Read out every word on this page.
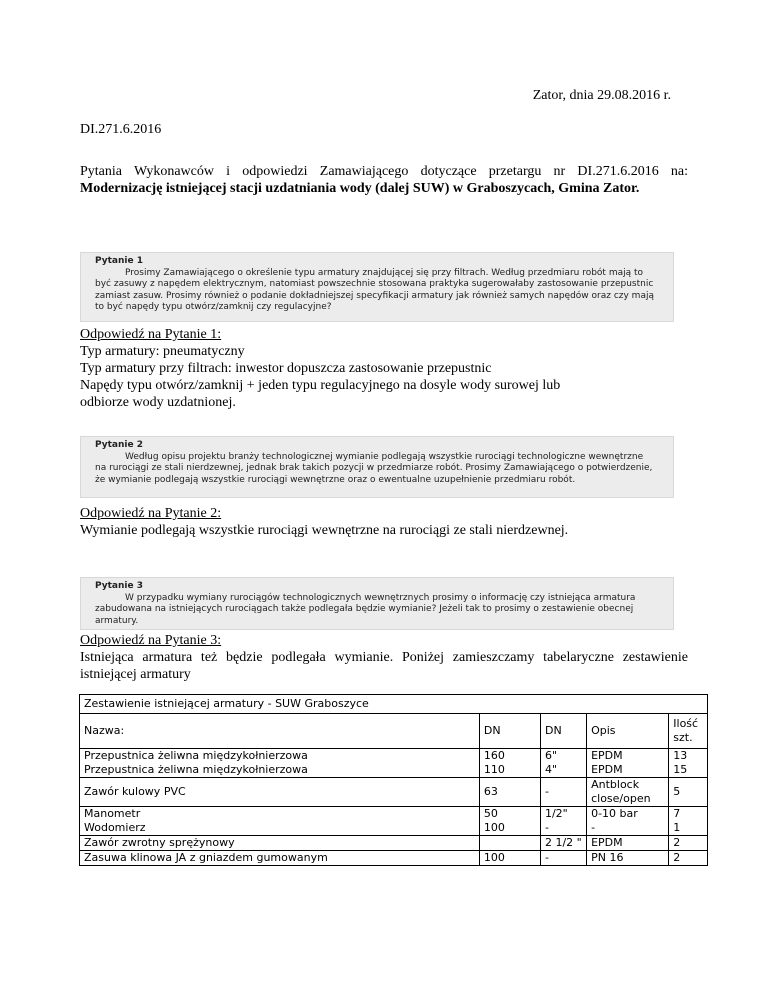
Zator, dnia 29.08.2016 r.
DI.271.6.2016
Pytania Wykonawców i odpowiedzi Zamawiającego dotyczące przetargu nr DI.271.6.2016 na: Modernizację istniejącej stacji uzdatniania wody (dalej SUW) w Graboszycach, Gmina Zator.
Pytanie 1
Prosimy Zamawiającego o określenie typu armatury znajdującej się przy filtrach. Według przedmiaru robót mają to
być zasuwy z napędem elektrycznym, natomiast powszechnie stosowana praktyka sugerowałaby zastosowanie przepustnic
zamiast zasuw. Prosimy również o podanie dokładniejszej specyfikacji armatury jak również samych napędów oraz czy mają
to być napędy typu otwórz/zamknij czy regulacyjne?
Odpowiedź na Pytanie 1:
Typ armatury: pneumatyczny
Typ armatury przy filtrach: inwestor dopuszcza zastosowanie przepustnic
Napędy typu otwórz/zamknij + jeden typu regulacyjnego na dosyle wody surowej lub
odbiorze wody uzdatnionej.
Pytanie 2
Według opisu projektu branży technologicznej wymianie podlegają wszystkie rurociągi technologiczne wewnętrzne
na rurociągi ze stali nierdzewnej, jednak brak takich pozycji w przedmiarze robót. Prosimy Zamawiającego o potwierdzenie,
że wymianie podlegają wszystkie rurociągi wewnętrzne oraz o ewentualne uzupełnienie przedmiaru robót.
Odpowiedź na Pytanie 2:
Wymianie podlegają wszystkie rurociągi wewnętrzne na rurociągi ze stali nierdzewnej.
Pytanie 3
W przypadku wymiany rurociągów technologicznych wewnętrznych prosimy o informację czy istniejąca armatura
zabudowana na istniejących rurociągach także podlegała będzie wymianie? Jeżeli tak to prosimy o zestawienie obecnej
armatury.
Odpowiedź na Pytanie 3:
Istniejąca armatura też będzie podlegała wymianie. Poniżej zamieszczamy tabelaryczne zestawienie istniejącej armatury
Zestawienie istniejącej armatury - SUW Graboszyce				
Nazwa:	DN	DN	Opis	Ilość szt.
Przepustnica żeliwna międzykołnierzowa	160	6"	EPDM	13
Przepustnica żeliwna międzykołnierzowa	110	4"	EPDM	15
Zawór kulowy PVC	63	-	Antblock close/open	5
Manometr	50	1/2"	0-10 bar	7
Wodomierz	100	-	-	1
Zawór zwrotny sprężynowy		2 1/2 "	EPDM	2
Zasuwa klinowa JA z gniazdem gumowanym	100	-	PN 16	2
